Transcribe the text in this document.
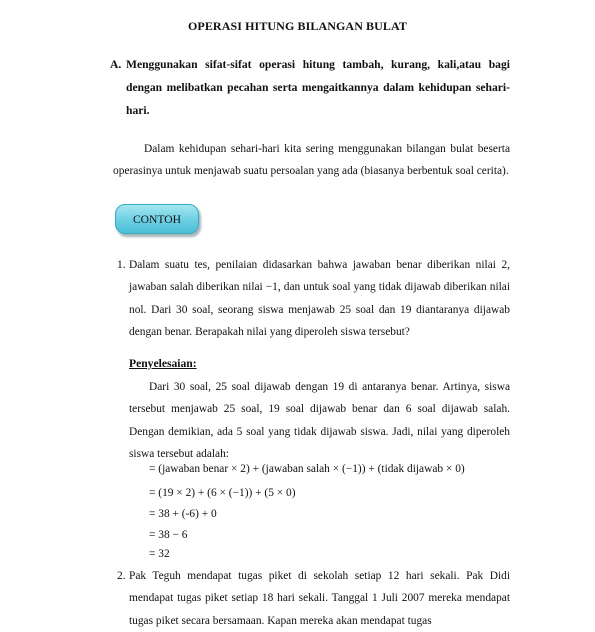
OPERASI HITUNG BILANGAN BULAT
A. Menggunakan sifat-sifat operasi hitung tambah, kurang, kali,atau bagi dengan melibatkan pecahan serta mengaitkannya dalam kehidupan sehari-hari.
Dalam kehidupan sehari-hari kita sering menggunakan bilangan bulat beserta operasinya untuk menjawab suatu persoalan yang ada (biasanya berbentuk soal cerita).
CONTOH
1. Dalam suatu tes, penilaian didasarkan bahwa jawaban benar diberikan nilai 2, jawaban salah diberikan nilai −1, dan untuk soal yang tidak dijawab diberikan nilai nol. Dari 30 soal, seorang siswa menjawab 25 soal dan 19 diantaranya dijawab dengan benar. Berapakah nilai yang diperoleh siswa tersebut?
Penyelesaian:
Dari 30 soal, 25 soal dijawab dengan 19 di antaranya benar. Artinya, siswa tersebut menjawab 25 soal, 19 soal dijawab benar dan 6 soal dijawab salah. Dengan demikian, ada 5 soal yang tidak dijawab siswa. Jadi, nilai yang diperoleh siswa tersebut adalah:
= (jawaban benar × 2) + (jawaban salah × (−1)) + (tidak dijawab × 0)
= (19 × 2) + (6 × (−1)) + (5 × 0)
= 38 + (-6) + 0
= 38 − 6
= 32
2. Pak Teguh mendapat tugas piket di sekolah setiap 12 hari sekali. Pak Didi mendapat tugas piket setiap 18 hari sekali. Tanggal 1 Juli 2007 mereka mendapat tugas piket secara bersamaan. Kapan mereka akan mendapat tugas
